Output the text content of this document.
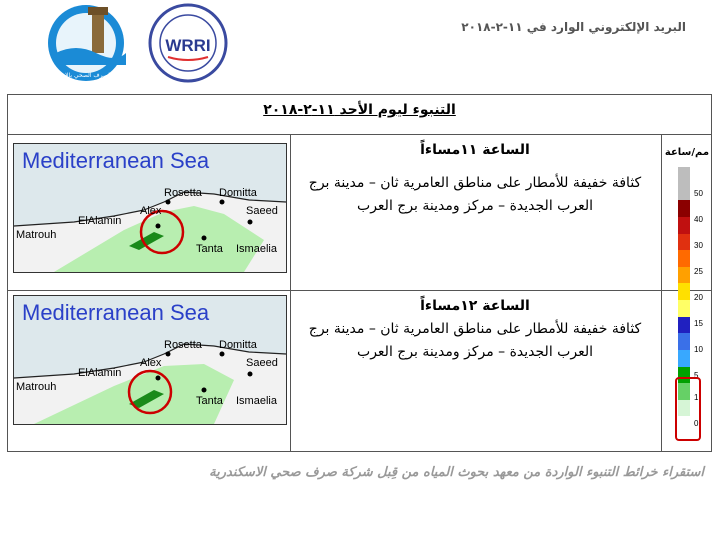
شركة الصرف الصحي بالاسكندرية
WRRI
البريد الإلكتروني الوارد في ١١-٢-٢٠١٨
التنبوء ليوم الأحد ١١-٢-٢٠١٨
Mediterranean Sea
Rosetta Domitta
Alex
ElAlamin
Saeed
Matrouh
Tanta Ismaelia
الساعة ١١مساءاً
كثافة خفيفة للأمطار على مناطق العامرية ثان – مدينة برج العرب الجديدة – مركز ومدينة برج العرب
Mediterranean Sea
Rosetta Domitta
Alex
ElAlamin
Saeed
Matrouh
Tanta Ismaelia
الساعة ١٢مساءاً
كثافة خفيفة للأمطار على مناطق العامرية ثان – مدينة برج العرب الجديدة – مركز ومدينة برج العرب
مم/ساعة
50
40
30
25
20
15
10
5
1
0
استقراء خرائط التنبوء الواردة من معهد بحوث المياه من قِبل شركة صرف صحي الاسكندرية
